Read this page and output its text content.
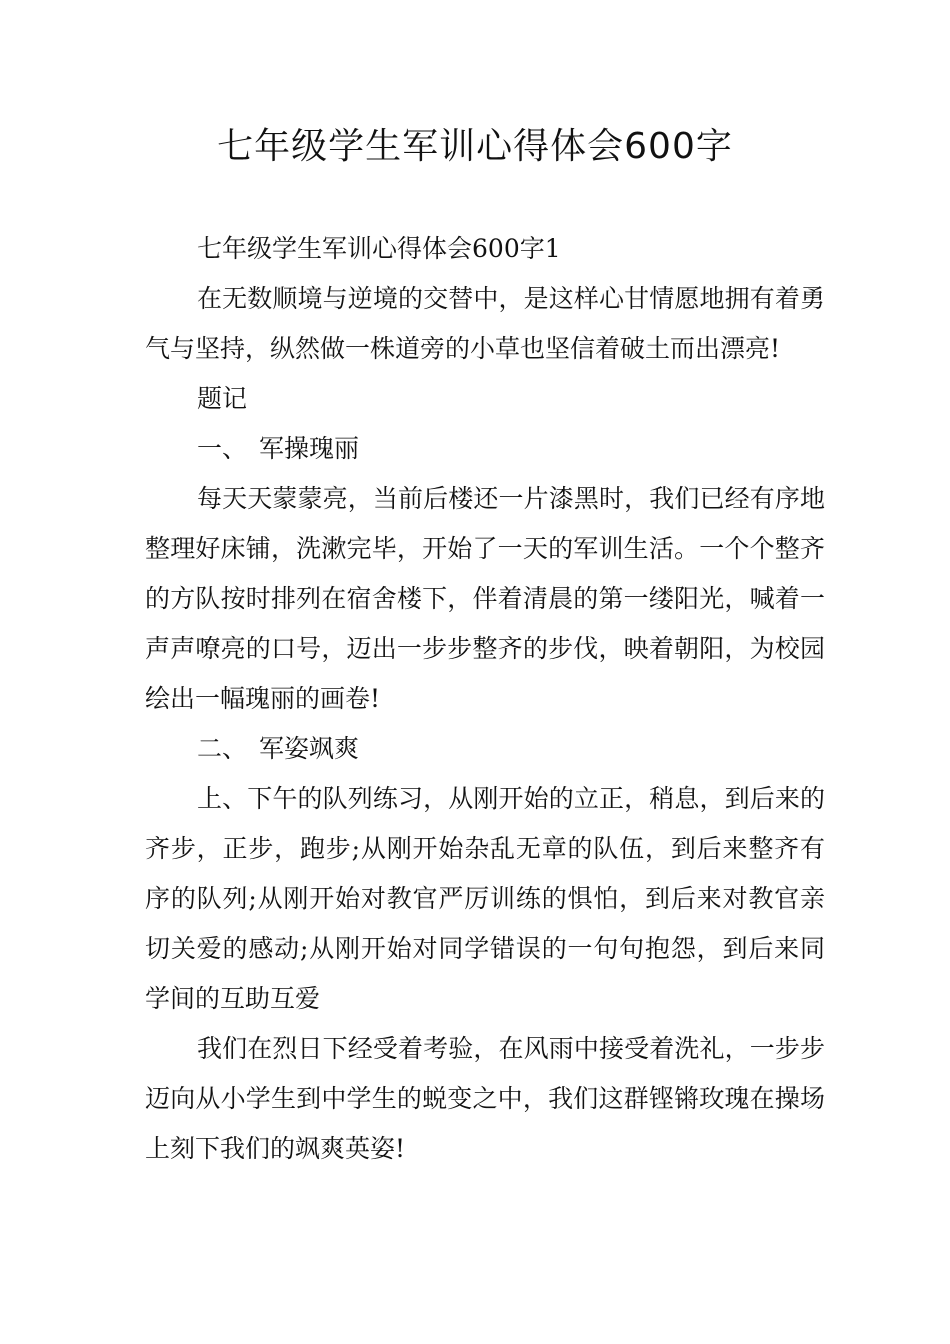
七年级学生军训心得体会600字

七年级学生军训心得体会600字1

在无数顺境与逆境的交替中，是这样心甘情愿地拥有着勇气与坚持，纵然做一株道旁的小草也坚信着破土而出漂亮!

题记

一、 军操瑰丽

每天天蒙蒙亮，当前后楼还一片漆黑时，我们已经有序地整理好床铺，洗漱完毕，开始了一天的军训生活。一个个整齐的方队按时排列在宿舍楼下，伴着清晨的第一缕阳光，喊着一声声嘹亮的口号，迈出一步步整齐的步伐，映着朝阳，为校园绘出一幅瑰丽的画卷!

二、 军姿飒爽

上、下午的队列练习，从刚开始的立正，稍息，到后来的齐步，正步，跑步;从刚开始杂乱无章的队伍，到后来整齐有序的队列;从刚开始对教官严厉训练的惧怕，到后来对教官亲切关爱的感动;从刚开始对同学错误的一句句抱怨，到后来同学间的互助互爱

我们在烈日下经受着考验，在风雨中接受着洗礼，一步步迈向从小学生到中学生的蜕变之中，我们这群铿锵玫瑰在操场上刻下我们的飒爽英姿!
